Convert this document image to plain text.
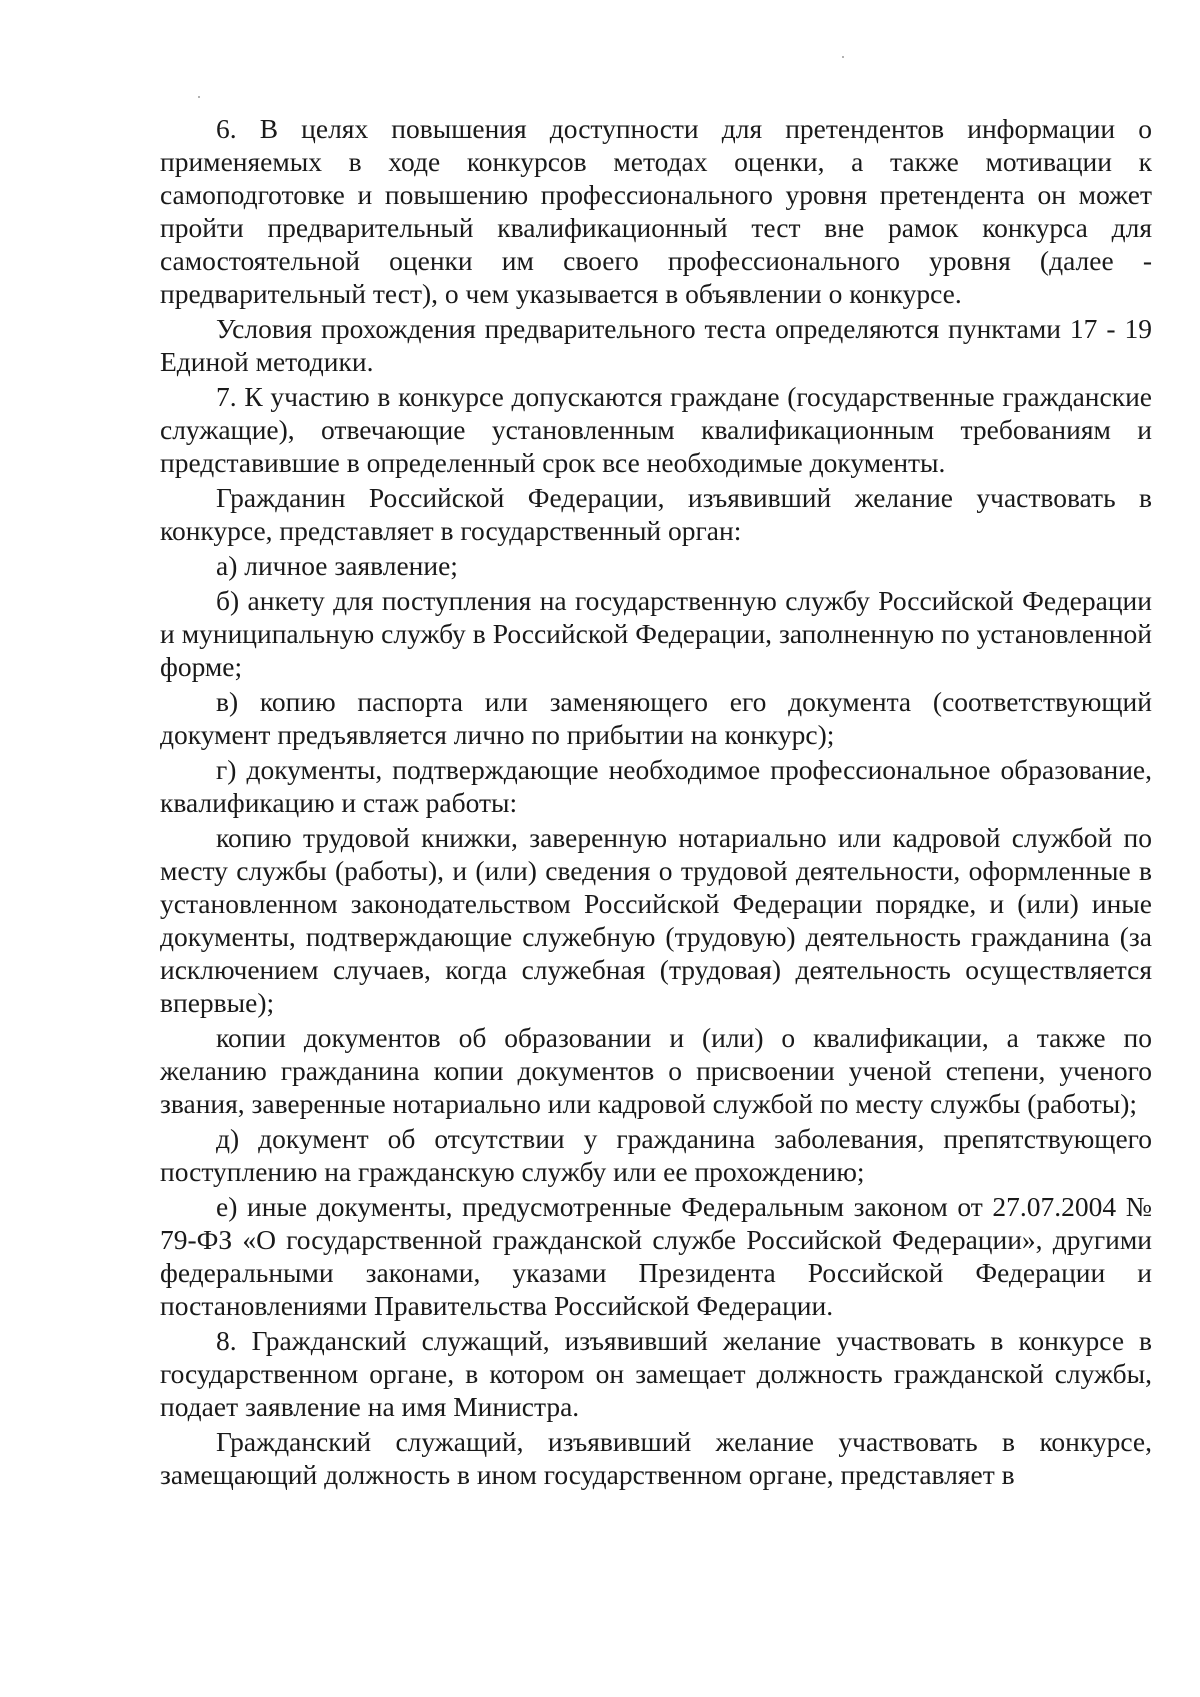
6. В целях повышения доступности для претендентов информации о применяемых в ходе конкурсов методах оценки, а также мотивации к самоподготовке и повышению профессионального уровня претендента он может пройти предварительный квалификационный тест вне рамок конкурса для самостоятельной оценки им своего профессионального уровня (далее - предварительный тест), о чем указывается в объявлении о конкурсе.

Условия прохождения предварительного теста определяются пунктами 17 - 19 Единой методики.

7. К участию в конкурсе допускаются граждане (государственные гражданские служащие), отвечающие установленным квалификационным требованиям и представившие в определенный срок все необходимые документы.

Гражданин Российской Федерации, изъявивший желание участвовать в конкурсе, представляет в государственный орган:

а) личное заявление;

б) анкету для поступления на государственную службу Российской Федерации и муниципальную службу в Российской Федерации, заполненную по установленной форме;

в) копию паспорта или заменяющего его документа (соответствующий документ предъявляется лично по прибытии на конкурс);

г) документы, подтверждающие необходимое профессиональное образование, квалификацию и стаж работы:

копию трудовой книжки, заверенную нотариально или кадровой службой по месту службы (работы), и (или) сведения о трудовой деятельности, оформленные в установленном законодательством Российской Федерации порядке, и (или) иные документы, подтверждающие служебную (трудовую) деятельность гражданина (за исключением случаев, когда служебная (трудовая) деятельность осуществляется впервые);

копии документов об образовании и (или) о квалификации, а также по желанию гражданина копии документов о присвоении ученой степени, ученого звания, заверенные нотариально или кадровой службой по месту службы (работы);

д) документ об отсутствии у гражданина заболевания, препятствующего поступлению на гражданскую службу или ее прохождению;

е) иные документы, предусмотренные Федеральным законом от 27.07.2004 № 79-ФЗ «О государственной гражданской службе Российской Федерации», другими федеральными законами, указами Президента Российской Федерации и постановлениями Правительства Российской Федерации.

8. Гражданский служащий, изъявивший желание участвовать в конкурсе в государственном органе, в котором он замещает должность гражданской службы, подает заявление на имя Министра.

Гражданский служащий, изъявивший желание участвовать в конкурсе, замещающий должность в ином государственном органе, представляет в
